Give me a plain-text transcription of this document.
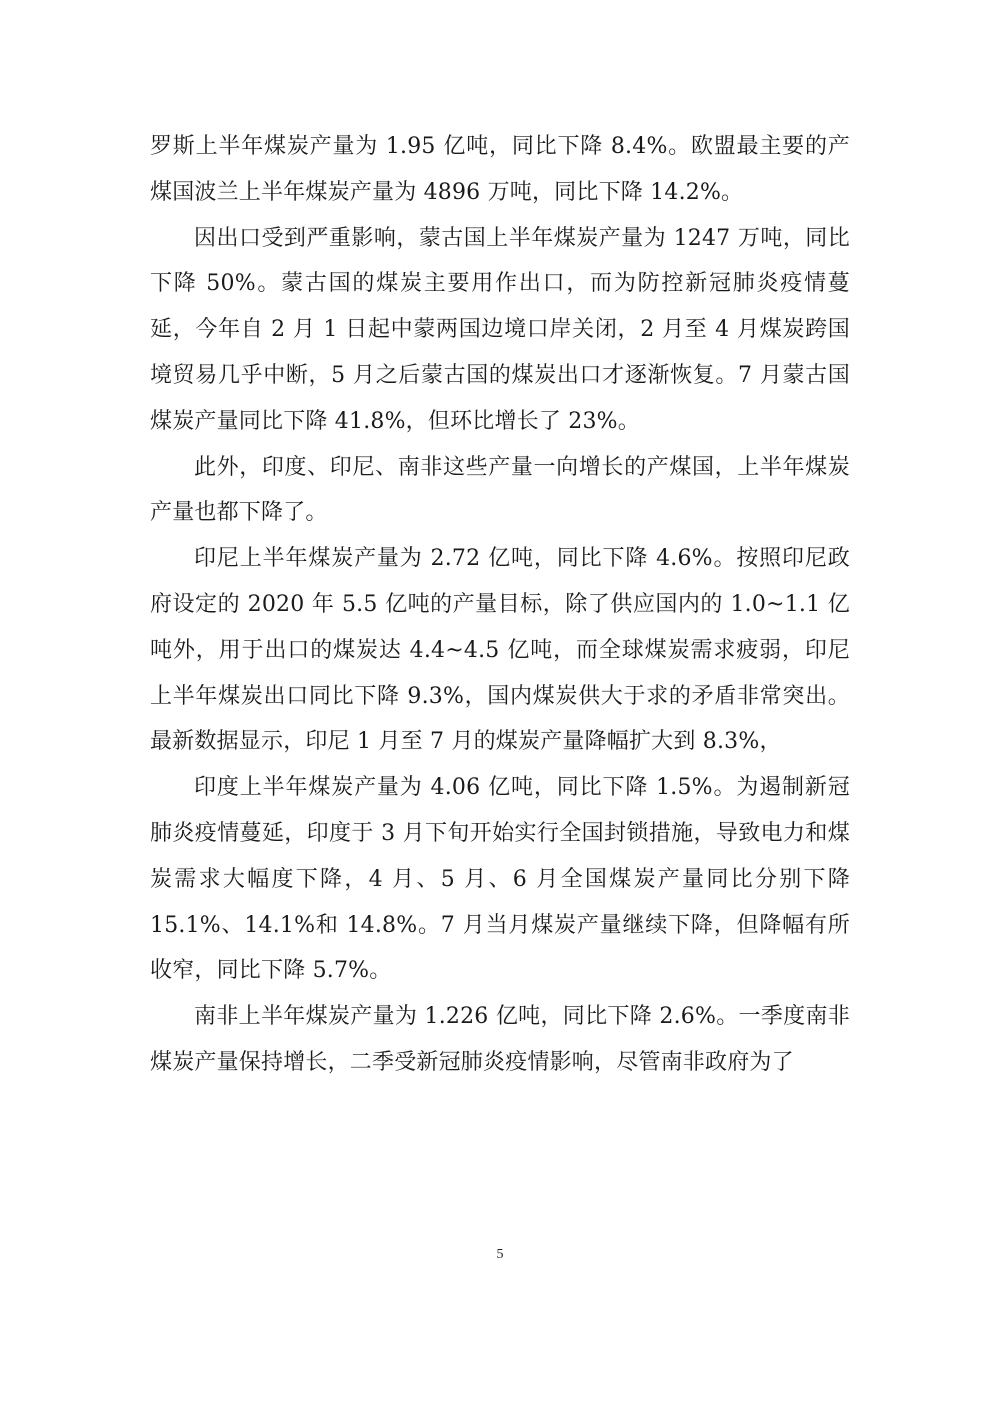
罗斯上半年煤炭产量为 1.95 亿吨，同比下降 8.4%。欧盟最主要的产煤国波兰上半年煤炭产量为 4896 万吨，同比下降 14.2%。

因出口受到严重影响，蒙古国上半年煤炭产量为 1247 万吨，同比下降 50%。蒙古国的煤炭主要用作出口，而为防控新冠肺炎疫情蔓延，今年自 2 月 1 日起中蒙两国边境口岸关闭，2 月至 4 月煤炭跨国境贸易几乎中断，5 月之后蒙古国的煤炭出口才逐渐恢复。7 月蒙古国煤炭产量同比下降 41.8%，但环比增长了 23%。

此外，印度、印尼、南非这些产量一向增长的产煤国，上半年煤炭产量也都下降了。

印尼上半年煤炭产量为 2.72 亿吨，同比下降 4.6%。按照印尼政府设定的 2020 年 5.5 亿吨的产量目标，除了供应国内的 1.0~1.1 亿吨外，用于出口的煤炭达 4.4~4.5 亿吨，而全球煤炭需求疲弱，印尼上半年煤炭出口同比下降 9.3%，国内煤炭供大于求的矛盾非常突出。最新数据显示，印尼 1 月至 7 月的煤炭产量降幅扩大到 8.3%，

印度上半年煤炭产量为 4.06 亿吨，同比下降 1.5%。为遏制新冠肺炎疫情蔓延，印度于 3 月下旬开始实行全国封锁措施，导致电力和煤炭需求大幅度下降，4 月、5 月、6 月全国煤炭产量同比分别下降15.1%、14.1%和 14.8%。7 月当月煤炭产量继续下降，但降幅有所收窄，同比下降 5.7%。

南非上半年煤炭产量为 1.226 亿吨，同比下降 2.6%。一季度南非煤炭产量保持增长，二季受新冠肺炎疫情影响，尽管南非政府为了

5
